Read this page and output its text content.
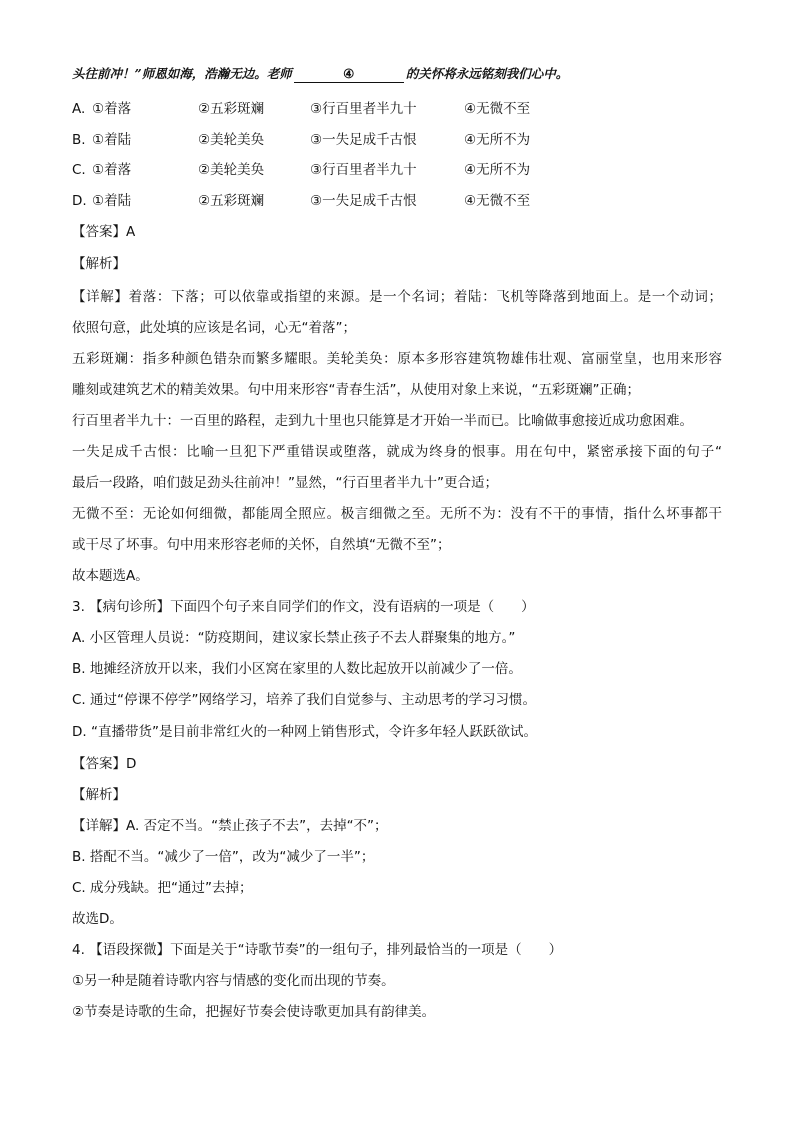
头往前冲！”师恩如海，浩瀚无边。老师	④	的关怀将永远铭刻我们心中。
A. ①着落	②五彩斑斓	③行百里者半九十	④无微不至
B. ①着陆	②美轮美奂	③一失足成千古恨	④无所不为
C. ①着落	②美轮美奂	③行百里者半九十	④无所不为
D. ①着陆	②五彩斑斓	③一失足成千古恨	④无微不至
【答案】A
【解析】
【详解】着落：下落；可以依靠或指望的来源。是一个名词；着陆：飞机等降落到地面上。是一个动词；
依照句意，此处填的应该是名词，心无“着落”；
五彩斑斓：指多种颜色错杂而繁多耀眼。美轮美奂：原本多形容建筑物雄伟壮观、富丽堂皇，也用来形容
雕刻或建筑艺术的精美效果。句中用来形容“青春生活”，从使用对象上来说，“五彩斑斓”正确；
行百里者半九十：一百里的路程，走到九十里也只能算是才开始一半而已。比喻做事愈接近成功愈困难。
一失足成千古恨：比喻一旦犯下严重错误或堕落，就成为终身的恨事。用在句中，紧密承接下面的句子“
最后一段路，咱们鼓足劲头往前冲！”显然，“行百里者半九十”更合适；
无微不至：无论如何细微，都能周全照应。极言细微之至。无所不为：没有不干的事情，指什么坏事都干
或干尽了坏事。句中用来形容老师的关怀，自然填“无微不至”；
故本题选A。
3. 【病句诊所】下面四个句子来自同学们的作文，没有语病的一项是（　　）
A. 小区管理人员说：“防疫期间，建议家长禁止孩子不去人群聚集的地方。”
B. 地摊经济放开以来，我们小区窝在家里的人数比起放开以前减少了一倍。
C. 通过“停课不停学”网络学习，培养了我们自觉参与、主动思考的学习习惯。
D. “直播带货”是目前非常红火的一种网上销售形式，令许多年轻人跃跃欲试。
【答案】D
【解析】
【详解】A. 否定不当。“禁止孩子不去”，去掉“不”；
B. 搭配不当。“减少了一倍”，改为“减少了一半”；
C. 成分残缺。把“通过”去掉；
故选D。
4. 【语段探微】下面是关于“诗歌节奏”的一组句子，排列最恰当的一项是（　　）
①另一种是随着诗歌内容与情感的变化而出现的节奏。
②节奏是诗歌的生命，把握好节奏会使诗歌更加具有韵律美。
